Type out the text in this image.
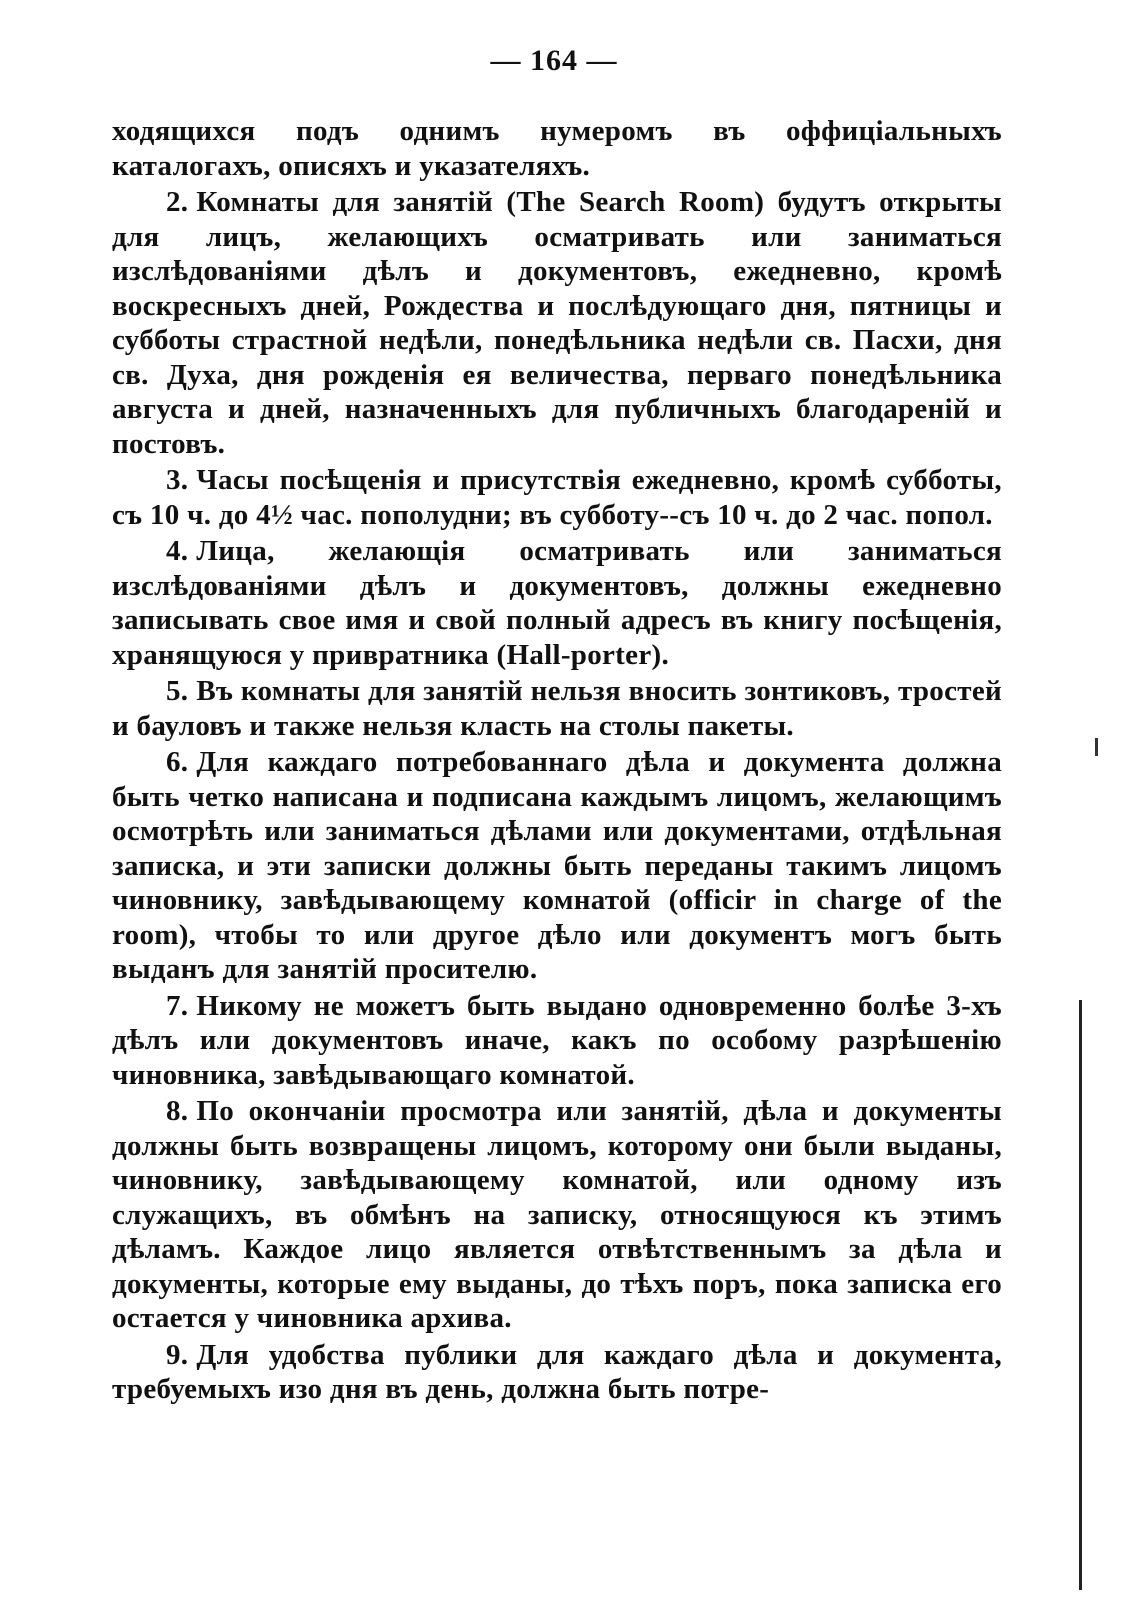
— 164 —

ходящихся подъ однимъ нумеромъ въ оффиціальныхъ каталогахъ, описяхъ и указателяхъ.

2. Комнаты для занятій (The Search Room) будутъ открыты для лицъ, желающихъ осматривать или заниматься изслѣдованіями дѣлъ и документовъ, ежедневно, кромѣ воскресныхъ дней, Рождества и послѣдующаго дня, пятницы и субботы страстной недѣли, понедѣльника недѣли св. Пасхи, дня св. Духа, дня рожденія ея величества, перваго понедѣльника августа и дней, назначенныхъ для публичныхъ благодареній и постовъ.

3. Часы посѣщенія и присутствія ежедневно, кромѣ субботы, съ 10 ч. до 4½ час. пополудни; въ субботу--съ 10 ч. до 2 час. попол.

4. Лица, желающія осматривать или заниматься изслѣдованіями дѣлъ и документовъ, должны ежедневно записывать свое имя и свой полный адресъ въ книгу посѣщенія, хранящуюся у привратника (Hall-porter).

5. Въ комнаты для занятій нельзя вносить зонтиковъ, тростей и бауловъ и также нельзя класть на столы пакеты.

6. Для каждаго потребованнаго дѣла и документа должна быть четко написана и подписана каждымъ лицомъ, желающимъ осмотрѣть или заниматься дѣлами или документами, отдѣльная записка, и эти записки должны быть переданы такимъ лицомъ чиновнику, завѣдывающему комнатой (officir in charge of the room), чтобы то или другое дѣло или документъ могъ быть выданъ для занятій просителю.

7. Никому не можетъ быть выдано одновременно болѣе 3-хъ дѣлъ или документовъ иначе, какъ по особому разрѣшенію чиновника, завѣдывающаго комнатой.

8. По окончаніи просмотра или занятій, дѣла и документы должны быть возвращены лицомъ, которому они были выданы, чиновнику, завѣдывающему комнатой, или одному изъ служащихъ, въ обмѣнъ на записку, относящуюся къ этимъ дѣламъ. Каждое лицо является отвѣтственнымъ за дѣла и документы, которые ему выданы, до тѣхъ поръ, пока записка его остается у чиновника архива.

9. Для удобства публики для каждаго дѣла и документа, требуемыхъ изо дня въ день, должна быть потре-
